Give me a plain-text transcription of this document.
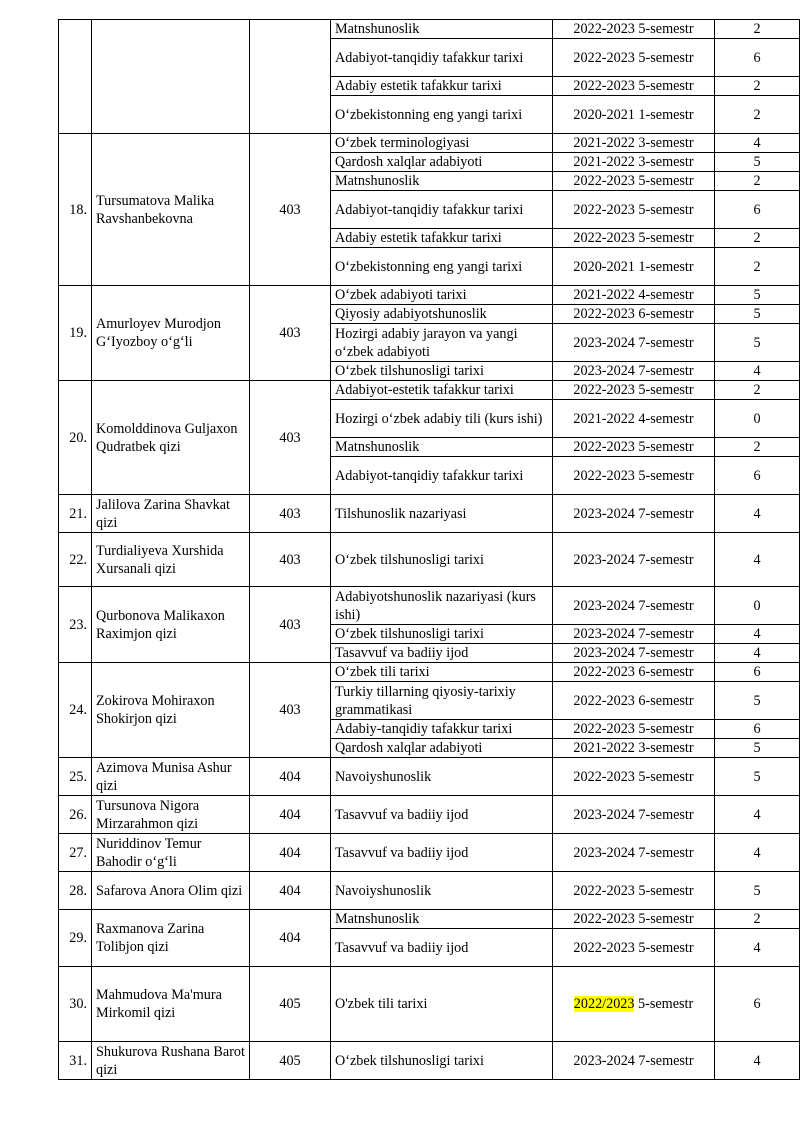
			Matnshunoslik	2022-2023 5-semestr	2
			Adabiyot-tanqidiy tafakkur tarixi	2022-2023 5-semestr	6
			Adabiy estetik tafakkur tarixi	2022-2023 5-semestr	2
			O‘zbekistonning eng yangi tarixi	2020-2021 1-semestr	2
18.	Tursumatova Malika Ravshanbekovna	403	O‘zbek terminologiyasi	2021-2022 3-semestr	4
			Qardosh xalqlar adabiyoti	2021-2022 3-semestr	5
			Matnshunoslik	2022-2023 5-semestr	2
			Adabiyot-tanqidiy tafakkur tarixi	2022-2023 5-semestr	6
			Adabiy estetik tafakkur tarixi	2022-2023 5-semestr	2
			O‘zbekistonning eng yangi tarixi	2020-2021 1-semestr	2
19.	Amurloyev Murodjon G‘Iyozboy o‘g‘li	403	O‘zbek adabiyoti tarixi	2021-2022 4-semestr	5
			Qiyosiy adabiyotshunoslik	2022-2023 6-semestr	5
			Hozirgi adabiy jarayon va yangi o‘zbek adabiyoti	2023-2024 7-semestr	5
			O‘zbek tilshunosligi tarixi	2023-2024 7-semestr	4
20.	Komolddinova Guljaxon Qudratbek qizi	403	Adabiyot-estetik tafakkur tarixi	2022-2023 5-semestr	2
			Hozirgi o‘zbek adabiy tili (kurs ishi)	2021-2022 4-semestr	0
			Matnshunoslik	2022-2023 5-semestr	2
			Adabiyot-tanqidiy tafakkur tarixi	2022-2023 5-semestr	6
21.	Jalilova Zarina Shavkat qizi	403	Tilshunoslik nazariyasi	2023-2024 7-semestr	4
22.	Turdialiyeva Xurshida Xursanali qizi	403	O‘zbek tilshunosligi tarixi	2023-2024 7-semestr	4
23.	Qurbonova Malikaxon Raximjon qizi	403	Adabiyotshunoslik nazariyasi (kurs ishi)	2023-2024 7-semestr	0
			O‘zbek tilshunosligi tarixi	2023-2024 7-semestr	4
			Tasavvuf va badiiy ijod	2023-2024 7-semestr	4
24.	Zokirova Mohiraxon Shokirjon qizi	403	O‘zbek tili tarixi	2022-2023 6-semestr	6
			Turkiy tillarning qiyosiy-tarixiy grammatikasi	2022-2023 6-semestr	5
			Adabiy-tanqidiy tafakkur tarixi	2022-2023 5-semestr	6
			Qardosh xalqlar adabiyoti	2021-2022 3-semestr	5
25.	Azimova Munisa Ashur qizi	404	Navoiyshunoslik	2022-2023 5-semestr	5
26.	Tursunova Nigora Mirzarahmon qizi	404	Tasavvuf va badiiy ijod	2023-2024 7-semestr	4
27.	Nuriddinov Temur Bahodir o‘g‘li	404	Tasavvuf va badiiy ijod	2023-2024 7-semestr	4
28.	Safarova Anora Olim qizi	404	Navoiyshunoslik	2022-2023 5-semestr	5
29.	Raxmanova Zarina Tolibjon qizi	404	Matnshunoslik	2022-2023 5-semestr	2
			Tasavvuf va badiiy ijod	2022-2023 5-semestr	4
30.	Mahmudova Ma'mura Mirkomil qizi	405	O'zbek tili tarixi	2022/2023 5-semestr	6
31.	Shukurova Rushana Barot qizi	405	O‘zbek tilshunosligi tarixi	2023-2024 7-semestr	4
